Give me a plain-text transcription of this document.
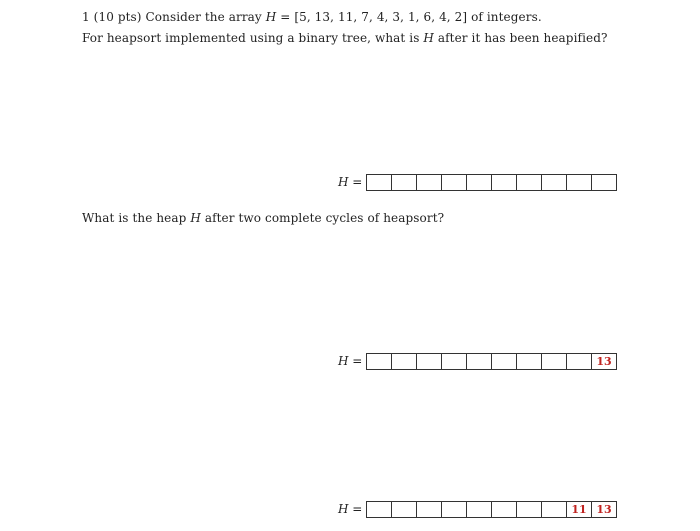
1 (10 pts) Consider the array H = [5, 13, 11, 7, 4, 3, 1, 6, 4, 2] of integers.
For heapsort implemented using a binary tree, what is H after it has been heapified?
H =
What is the heap H after two complete cycles of heapsort?
H =	13
H =	11 13
